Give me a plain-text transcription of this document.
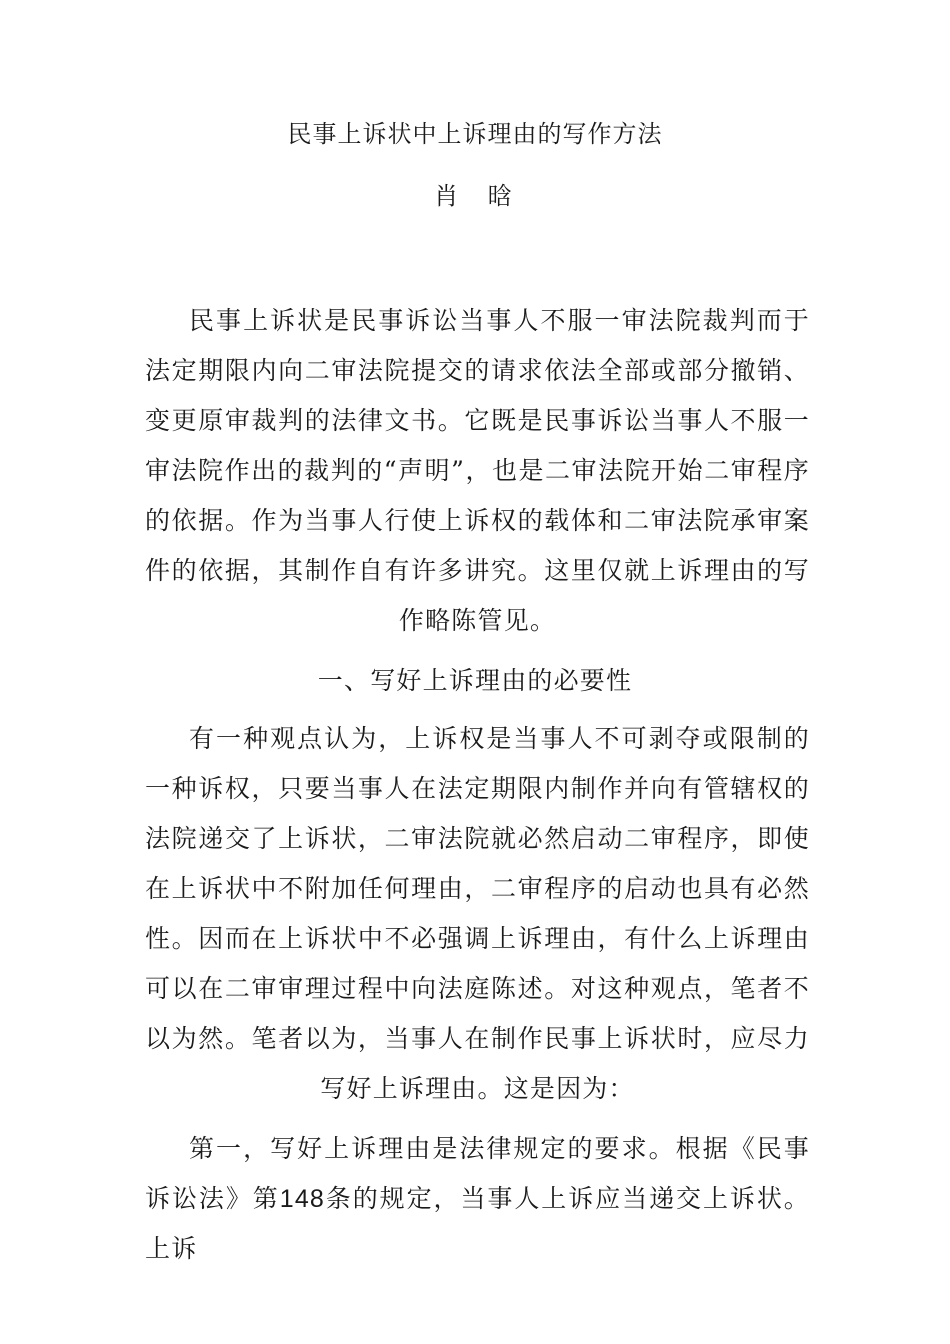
民事上诉状中上诉理由的写作方法
肖 晗
民事上诉状是民事诉讼当事人不服一审法院裁判而于法定期限内向二审法院提交的请求依法全部或部分撤销、变更原审裁判的法律文书。它既是民事诉讼当事人不服一审法院作出的裁判的“声明”，也是二审法院开始二审程序的依据。作为当事人行使上诉权的载体和二审法院承审案件的依据，其制作自有许多讲究。这里仅就上诉理由的写作略陈管见。
一、写好上诉理由的必要性
有一种观点认为，上诉权是当事人不可剥夺或限制的一种诉权，只要当事人在法定期限内制作并向有管辖权的法院递交了上诉状，二审法院就必然启动二审程序，即使在上诉状中不附加任何理由，二审程序的启动也具有必然性。因而在上诉状中不必强调上诉理由，有什么上诉理由可以在二审审理过程中向法庭陈述。对这种观点，笔者不以为然。笔者以为，当事人在制作民事上诉状时，应尽力写好上诉理由。这是因为：
第一，写好上诉理由是法律规定的要求。根据《民事诉讼法》第148条的规定，当事人上诉应当递交上诉状。上诉
